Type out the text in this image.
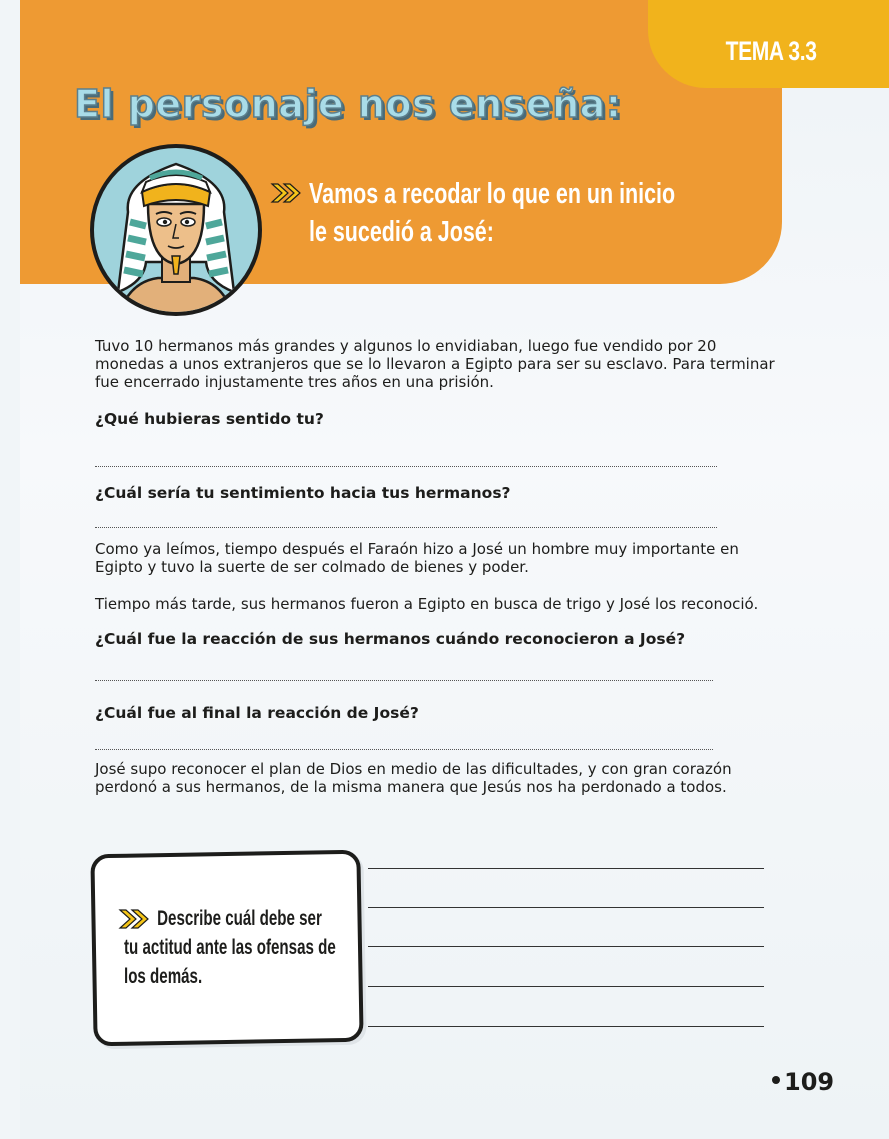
TEMA 3.3
El personaje nos enseña:
Vamos a recodar lo que en un inicio
le sucedió a José:

Tuvo 10 hermanos más grandes y algunos lo envidiaban, luego fue vendido por 20 monedas a unos extranjeros que se lo llevaron a Egipto para ser su esclavo. Para terminar fue encerrado injustamente tres años en una prisión.

¿Qué hubieras sentido tu?
¿Cuál sería tu sentimiento hacia tus hermanos?

Como ya leímos, tiempo después el Faraón hizo a José un hombre muy importante en Egipto y tuvo la suerte de ser colmado de bienes y poder.

Tiempo más tarde, sus hermanos fueron a Egipto en busca de trigo y José los reconoció.

¿Cuál fue la reacción de sus hermanos cuándo reconocieron a José?
¿Cuál fue al final la reacción de José?

José supo reconocer el plan de Dios en medio de las dificultades, y con gran corazón perdonó a sus hermanos, de la misma manera que Jesús nos ha perdonado a todos.

Describe cuál debe ser tu actitud ante las ofensas de los demás.
109
